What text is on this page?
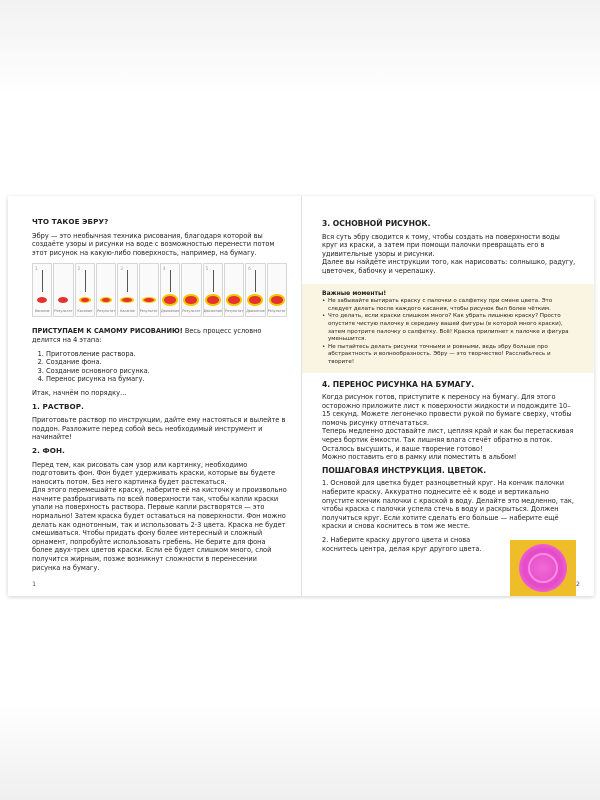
ЧТО ТАКОЕ ЭБРУ?

Эбру — это необычная техника рисования, благодаря которой вы создаёте узоры и рисунки на воде с возможностью перенести потом этот рисунок на какую-либо поверхность, например, на бумагу.

1
Касание	Результат
2
Касание	Результат
3
Касание	Результат
4
Движение Результат
5
Движение Результат
6
Движение Результат

ПРИСТУПАЕМ К САМОМУ РИСОВАНИЮ! Весь процесс условно делится на 4 этапа:

1. Приготовление раствора.
2. Создание фона.
3. Создание основного рисунка.
4. Перенос рисунка на бумагу.

Итак, начнём по порядку…

1. РАСТВОР.

Приготовьте раствор по инструкции, дайте ему настояться и вылейте в поддон. Разложите перед собой весь необходимый инструмент и начинайте!

2. ФОН.

Перед тем, как рисовать сам узор или картинку, необходимо подготовить фон. Фон будет удерживать краски, которые вы будете наносить потом. Без него картинка будет растекаться.

Для этого перемешайте краску, наберите её на кисточку и произвольно начните разбрызгивать по всей поверхности так, чтобы капли краски упали на поверхность раствора. Первые капли растворятся — это нормально! Затем краска будет оставаться на поверхности. Фон можно делать как однотонным, так и использовать 2-3 цвета. Краска не будет смешиваться. Чтобы придать фону более интересный и сложный орнамент, попробуйте использовать гребень. Не берите для фона более двух-трех цветов краски. Если её будет слишком много, слой получится жирным, позже возникнут сложности в перенесении рисунка на бумагу.

1
3. ОСНОВНОЙ РИСУНОК.

Вся суть эбру сводится к тому, чтобы создать на поверхности воды круг из краски, а затем при помощи палочки превращать его в удивительные узоры и рисунки.

Далее вы найдёте инструкции того, как нарисовать: солнышко, радугу, цветочек, бабочку и черепашку.

Важные моменты!
• Не забывайте вытирать краску с палочки о салфетку при смене цвета. Это следует делать после каждого касания, чтобы рисунок был более чётким.
• Что делать, если краски слишком много? Как убрать лишнюю краску? Просто опустите чистую палочку в середину вашей фигуры (в которой много краски), затем протрите палочку о салфетку. Всё! Краска прилипнет к палочке и фигура уменьшится.
• Не пытайтесь делать рисунки точными и ровными, ведь эбру больше про абстрактность и волнообразность. Эбру — это творчество! Расслабьтесь и творите!
4. ПЕРЕНОС РИСУНКА НА БУМАГУ.

Когда рисунок готов, приступите к переносу на бумагу. Для этого осторожно приложите лист к поверхности жидкости и подождите 10–15 секунд. Можете легонечко провести рукой по бумаге сверху, чтобы помочь рисунку отпечататься.

Теперь медленно доставайте лист, цепляя край и как бы перетаскивая через бортик ёмкости. Так лишняя влага стечёт обратно в поток. Осталось высушить, и ваше творение готово!

Можно поставить его в рамку или поместить в альбом!

ПОШАГОВАЯ ИНСТРУКЦИЯ. ЦВЕТОК.

1. Основой для цветка будет разноцветный круг. На кончик палочки наберите краску. Аккуратно поднесите её к воде и вертикально опустите кончик палочки с краской в воду. Делайте это медленно, так, чтобы краска с палочки успела стечь в воду и раскрыться. Должен получиться круг. Если хотите сделать его больше — наберите ещё краски и снова коснитесь в том же месте.

2. Наберите краску другого цвета и снова коснитесь центра, делая круг другого цвета.

2
